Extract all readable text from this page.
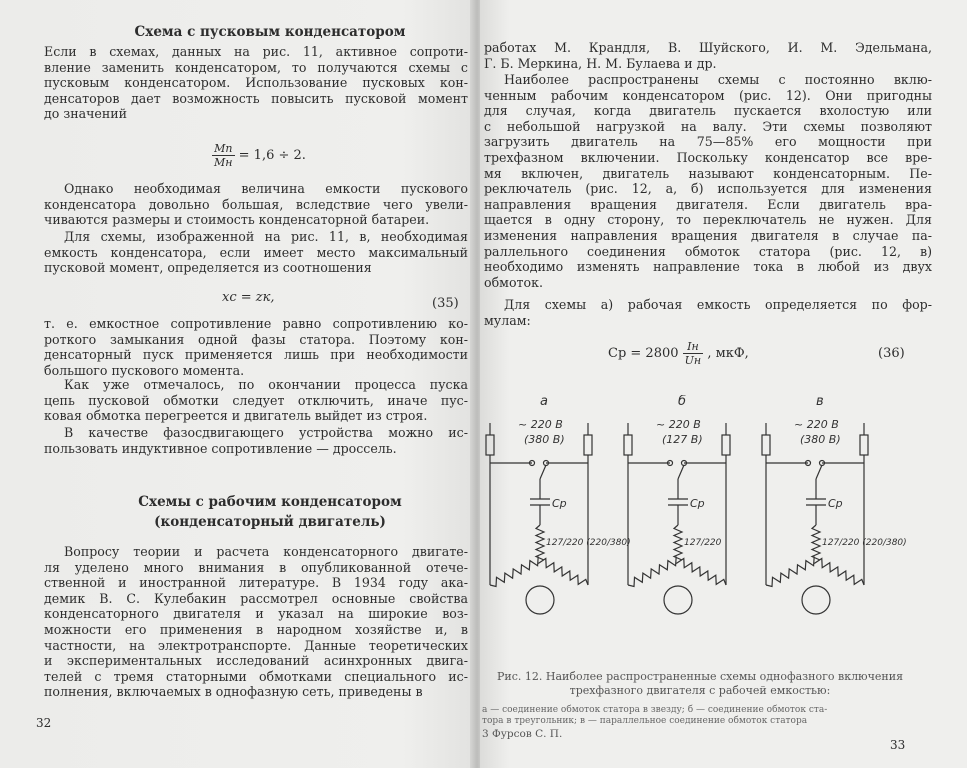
Схема с пусковым конденсатором
Если в схемах, данных на рис. 11, активное сопроти-
вление заменить конденсатором, то получаются схемы с
пусковым конденсатором. Использование пусковых кон-
денсаторов дает возможность повысить пусковой момент
до значений
$\frac{Mп}{Mн} = 1,6 \div 2$.
Однако необходимая величина емкости пускового
конденсатора довольно большая, вследствие чего увели-
чиваются размеры и стоимость конденсаторной батареи.
Для схемы, изображенной на рис. 11, в, необходимая
емкость конденсатора, если имеет место максимальный
пусковой момент, определяется из соотношения
xс = zк,	(35)
т. е. емкостное сопротивление равно сопротивлению ко-
роткого замыкания одной фазы статора. Поэтому кон-
денсаторный пуск применяется лишь при необходимости
большого пускового момента.
Как уже отмечалось, по окончании процесса пуска
цепь пусковой обмотки следует отключить, иначе пус-
ковая обмотка перегреется и двигатель выйдет из строя.
В качестве фазосдвигающего устройства можно ис-
пользовать индуктивное сопротивление — дроссель.
Схемы с рабочим конденсатором
(конденсаторный двигатель)
Вопросу теории и расчета конденсаторного двигате-
ля уделено много внимания в опубликованной отече-
ственной и иностранной литературе. В 1934 году ака-
демик В. С. Кулебакин рассмотрел основные свойства
конденсаторного двигателя и указал на широкие воз-
можности его применения в народном хозяйстве и, в
частности, на электротранспорте. Данные теоретических
и экспериментальных исследований асинхронных двига-
телей с тремя статорными обмотками специального ис-
полнения, включаемых в однофазную сеть, приведены в
32
работах М. Крандля, В. Шуйского, И. М. Эдельмана,
Г. Б. Меркина, Н. М. Булаева и др.
Наиболее распространены схемы с постоянно вклю-
ченным рабочим конденсатором (рис. 12). Они пригодны
для случая, когда двигатель пускается вхолостую или
с небольшой нагрузкой на валу. Эти схемы позволяют
загрузить двигатель на 75—85% его мощности при
трехфазном включении. Поскольку конденсатор все вре-
мя включен, двигатель называют конденсаторным. Пе-
реключатель (рис. 12, а, б) используется для изменения
направления вращения двигателя. Если двигатель вра-
щается в одну сторону, то переключатель не нужен. Для
изменения направления вращения двигателя в случае па-
раллельного соединения обмоток статора (рис. 12, в)
необходимо изменять направление тока в любой из двух
обмоток.
Для схемы а) рабочая емкость определяется по фор-
мулам:
Cр = $2800 \frac{Iн}{Uн}$ , мкФ,	(36)
а
~ 220 В
(380 В)
Cр
127/220 (220/380)
б
~ 220 В
(127 В)
Cр
127/220
в
~ 220 В
(380 В)
Cр
127/220 (220/380)
Рис. 12. Наиболее распространенные схемы однофазного включения
трехфазного двигателя с рабочей емкостью:
а — соединение обмоток статора в звезду; б — соединение обмоток ста-
тора в треугольник; в — параллельное соединение обмоток статора
3 Фурсов С. П.
33
